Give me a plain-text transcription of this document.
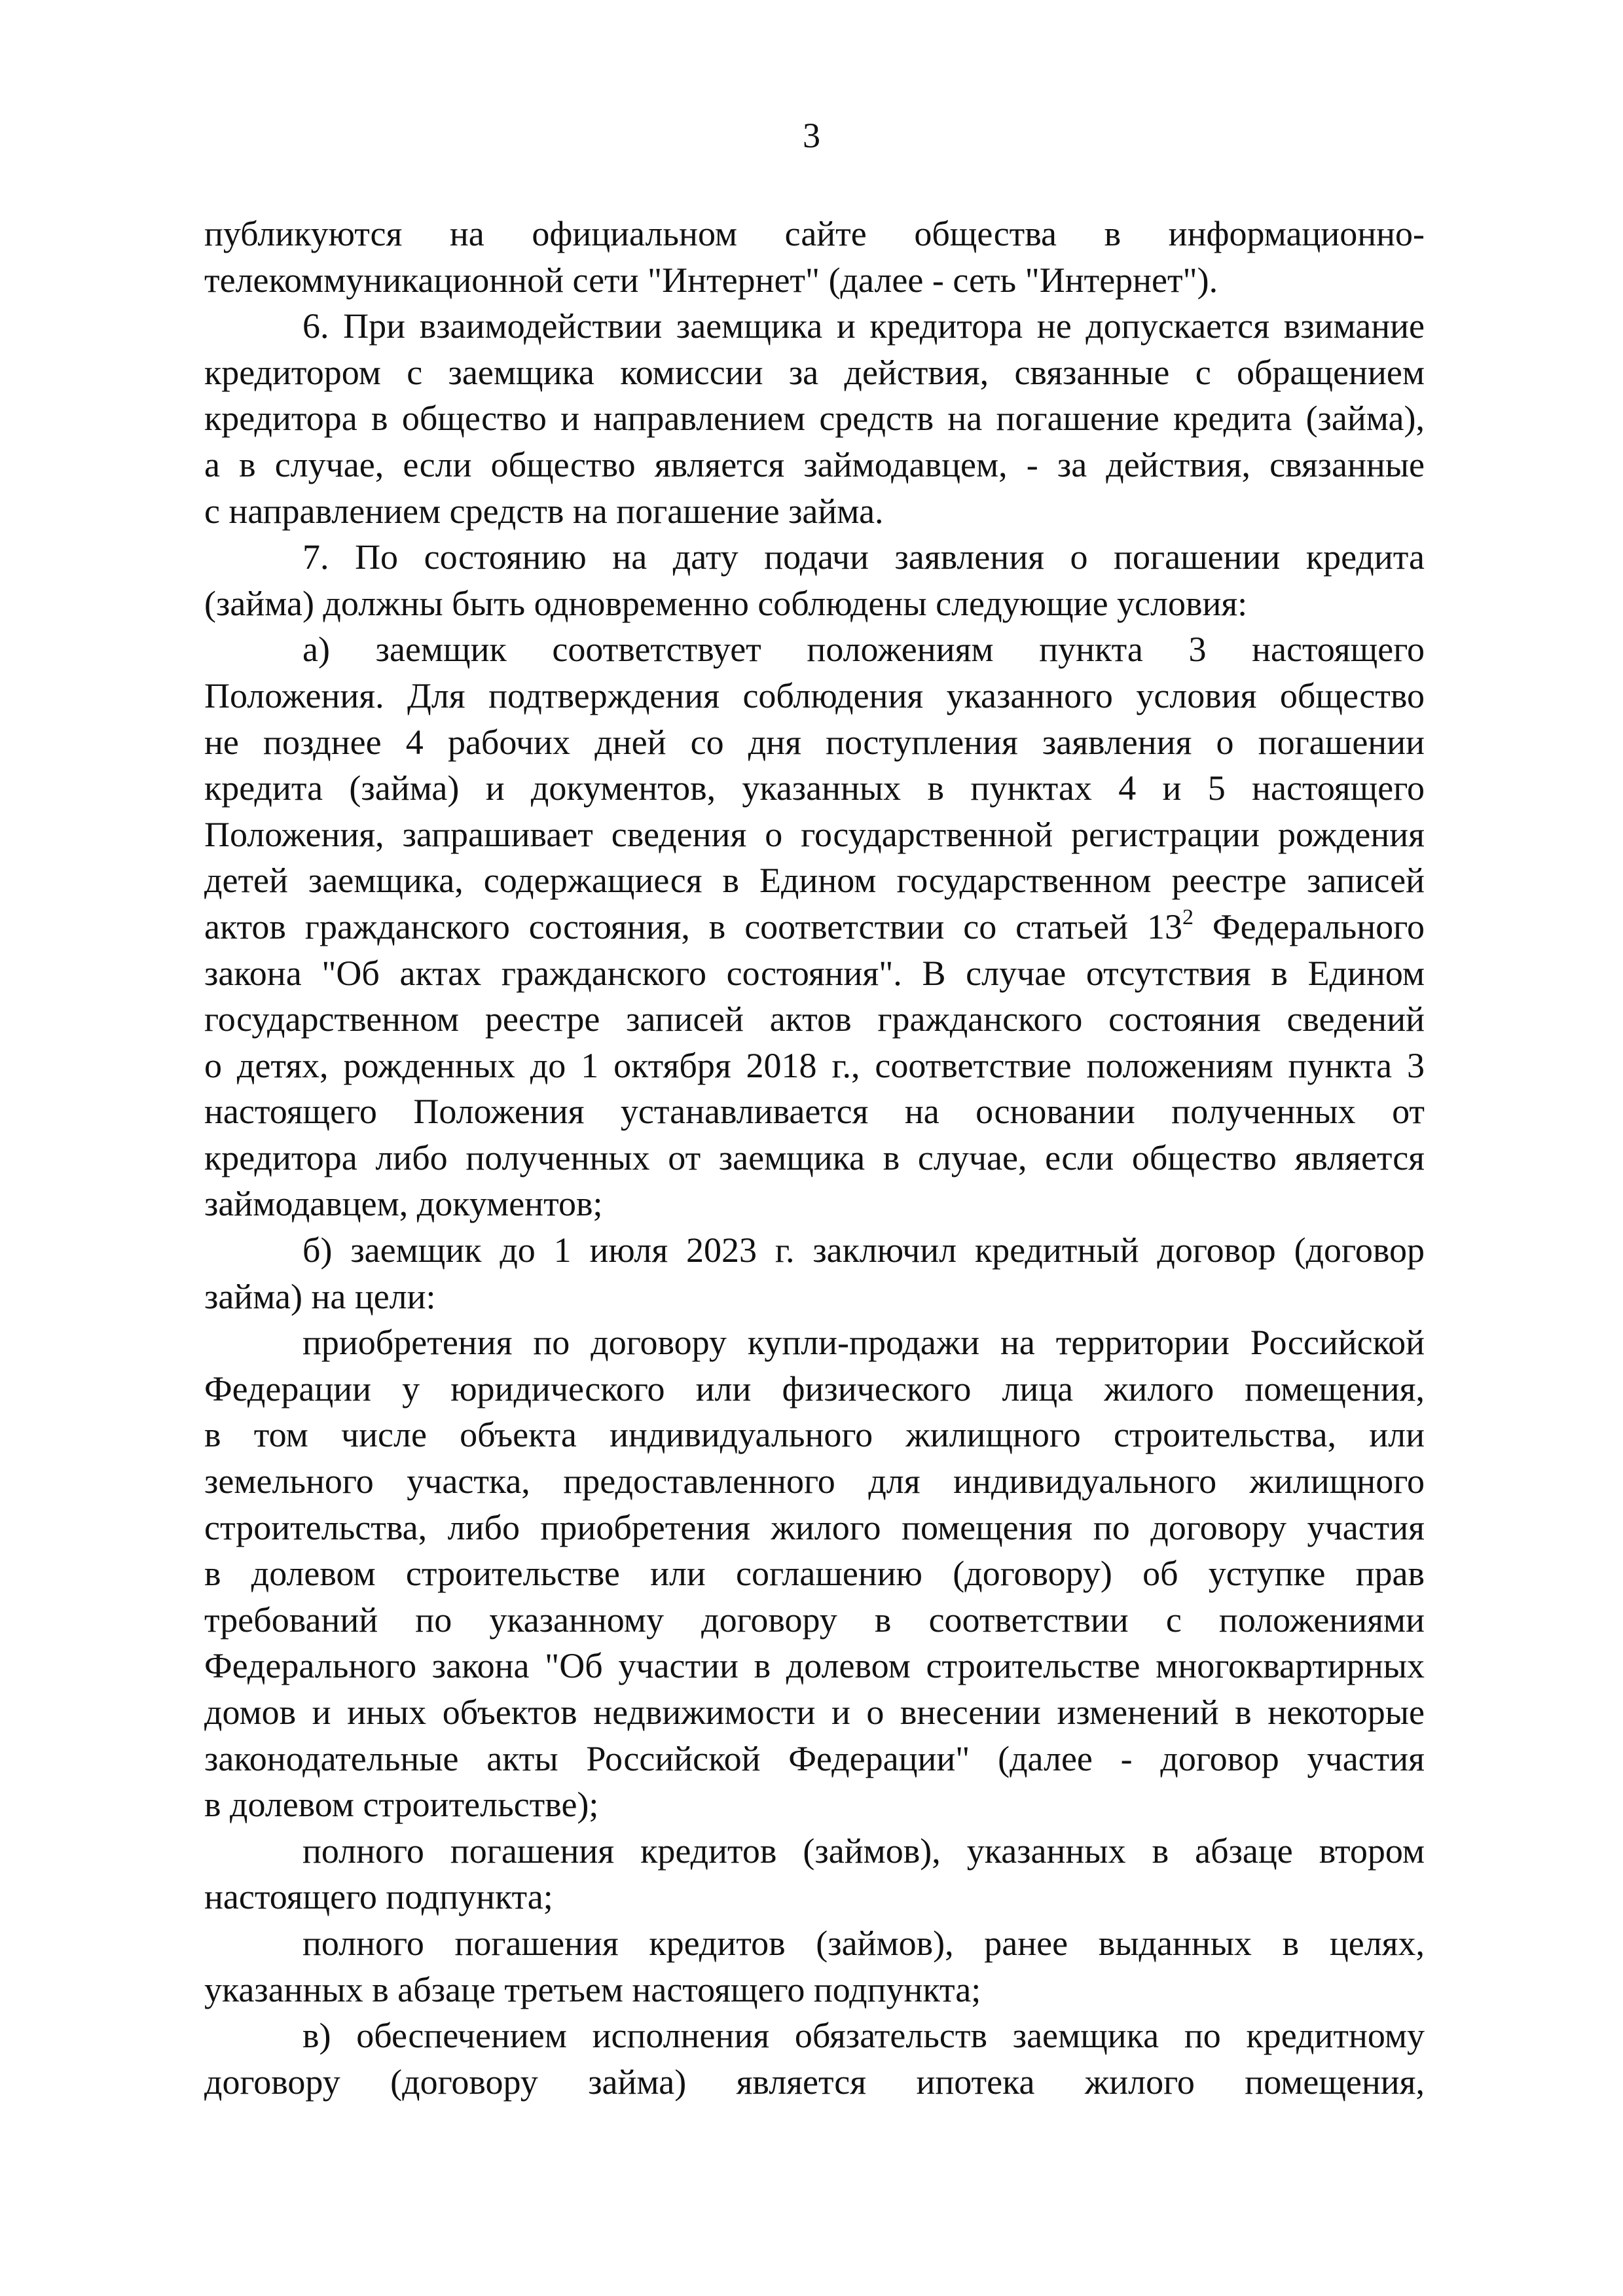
3
публикуются на официальном сайте общества в информационно-
телекоммуникационной сети "Интернет" (далее - сеть "Интернет").
6. При взаимодействии заемщика и кредитора не допускается взимание
кредитором с заемщика комиссии за действия, связанные с обращением
кредитора в общество и направлением средств на погашение кредита (займа),
а в случае, если общество является займодавцем, - за действия, связанные
с направлением средств на погашение займа.
7. По состоянию на дату подачи заявления о погашении кредита
(займа) должны быть одновременно соблюдены следующие условия:
а) заемщик соответствует положениям пункта 3 настоящего
Положения. Для подтверждения соблюдения указанного условия общество
не позднее 4 рабочих дней со дня поступления заявления о погашении
кредита (займа) и документов, указанных в пунктах 4 и 5 настоящего
Положения, запрашивает сведения о государственной регистрации рождения
детей заемщика, содержащиеся в Едином государственном реестре записей
актов гражданского состояния, в соответствии со статьей $13^2$ Федерального
закона "Об актах гражданского состояния". В случае отсутствия в Едином
государственном реестре записей актов гражданского состояния сведений
о детях, рожденных до 1 октября 2018 г., соответствие положениям пункта 3
настоящего Положения устанавливается на основании полученных от
кредитора либо полученных от заемщика в случае, если общество является
займодавцем, документов;
б) заемщик до 1 июля 2023 г. заключил кредитный договор (договор
займа) на цели:
приобретения по договору купли-продажи на территории Российской
Федерации у юридического или физического лица жилого помещения,
в том числе объекта индивидуального жилищного строительства, или
земельного участка, предоставленного для индивидуального жилищного
строительства, либо приобретения жилого помещения по договору участия
в долевом строительстве или соглашению (договору) об уступке прав
требований по указанному договору в соответствии с положениями
Федерального закона "Об участии в долевом строительстве многоквартирных
домов и иных объектов недвижимости и о внесении изменений в некоторые
законодательные акты Российской Федерации" (далее - договор участия
в долевом строительстве);
полного погашения кредитов (займов), указанных в абзаце втором
настоящего подпункта;
полного погашения кредитов (займов), ранее выданных в целях,
указанных в абзаце третьем настоящего подпункта;
в) обеспечением исполнения обязательств заемщика по кредитному
договору (договору займа) является ипотека жилого помещения,
